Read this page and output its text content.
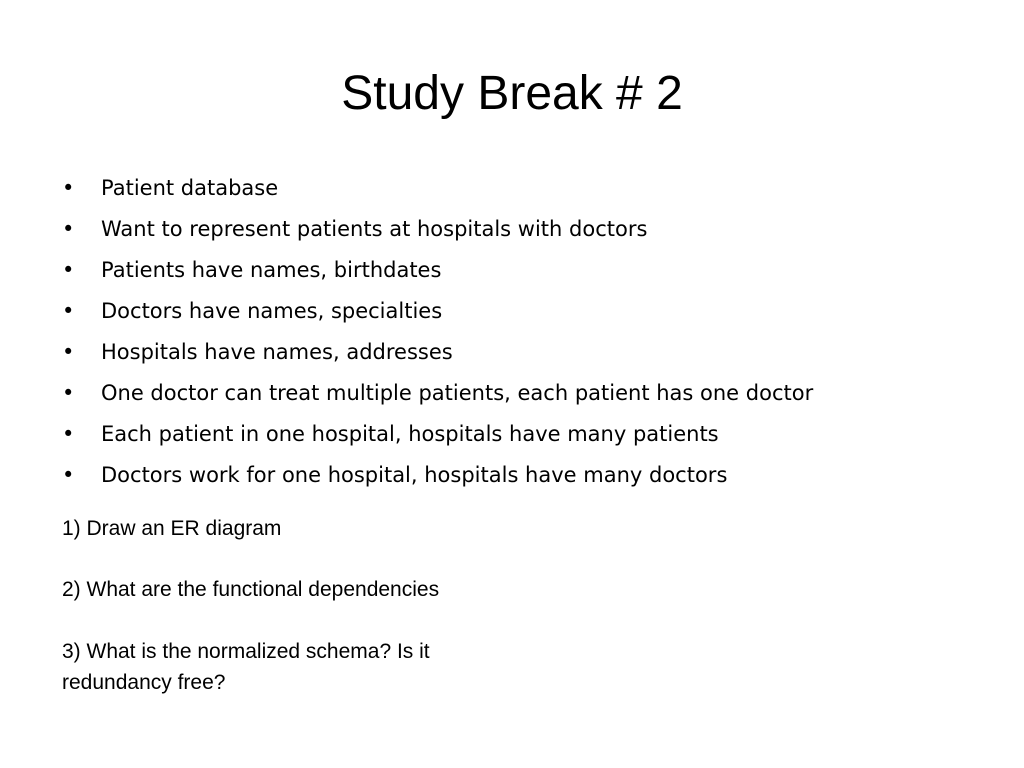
Study Break # 2
•	Patient database
•	Want to represent patients at hospitals with doctors
•	Patients have names, birthdates
•	Doctors have names, specialties
•	Hospitals have names, addresses
•	One doctor can treat multiple patients, each patient has one doctor
•	Each patient in one hospital, hospitals have many patients
•	Doctors work for one hospital, hospitals have many doctors

1) Draw an ER diagram

2) What are the functional dependencies

3) What is the normalized schema? Is it
redundancy free?
